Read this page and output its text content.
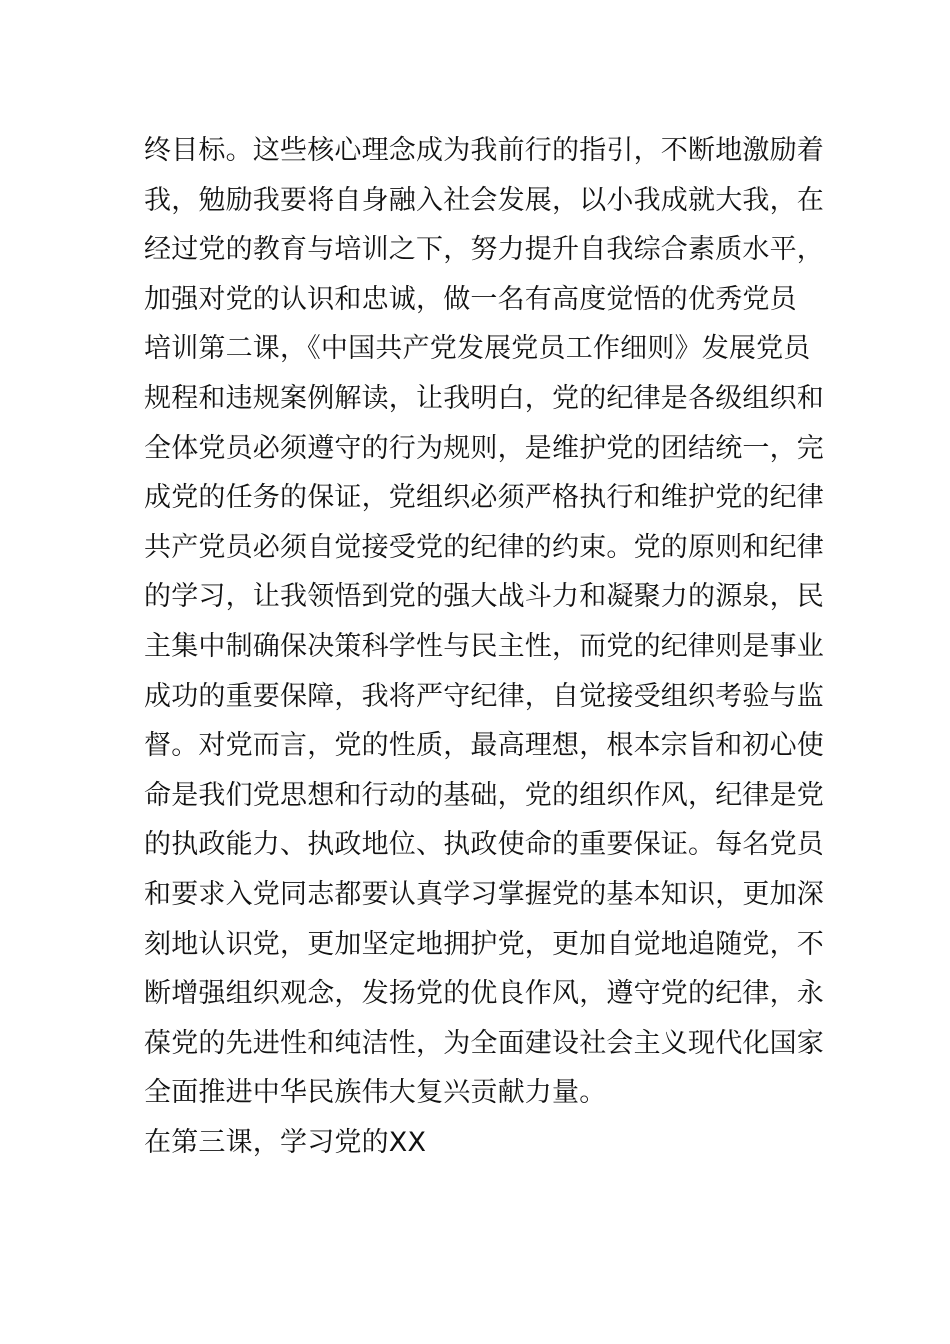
终目标。这些核心理念成为我前行的指引，不断地激励着
我，勉励我要将自身融入社会发展，以小我成就大我，在
经过党的教育与培训之下，努力提升自我综合素质水平，
加强对党的认识和忠诚，做一名有高度觉悟的优秀党员
培训第二课，《中国共产党发展党员工作细则》发展党员
规程和违规案例解读，让我明白，党的纪律是各级组织和
全体党员必须遵守的行为规则，是维护党的团结统一，完
成党的任务的保证，党组织必须严格执行和维护党的纪律
共产党员必须自觉接受党的纪律的约束。党的原则和纪律
的学习，让我领悟到党的强大战斗力和凝聚力的源泉，民
主集中制确保决策科学性与民主性，而党的纪律则是事业
成功的重要保障，我将严守纪律，自觉接受组织考验与监
督。对党而言，党的性质，最高理想，根本宗旨和初心使
命是我们党思想和行动的基础，党的组织作风，纪律是党
的执政能力、执政地位、执政使命的重要保证。每名党员
和要求入党同志都要认真学习掌握党的基本知识，更加深
刻地认识党，更加坚定地拥护党，更加自觉地追随党，不
断增强组织观念，发扬党的优良作风，遵守党的纪律，永
葆党的先进性和纯洁性，为全面建设社会主义现代化国家
全面推进中华民族伟大复兴贡献力量。
在第三课，学习党的XX
